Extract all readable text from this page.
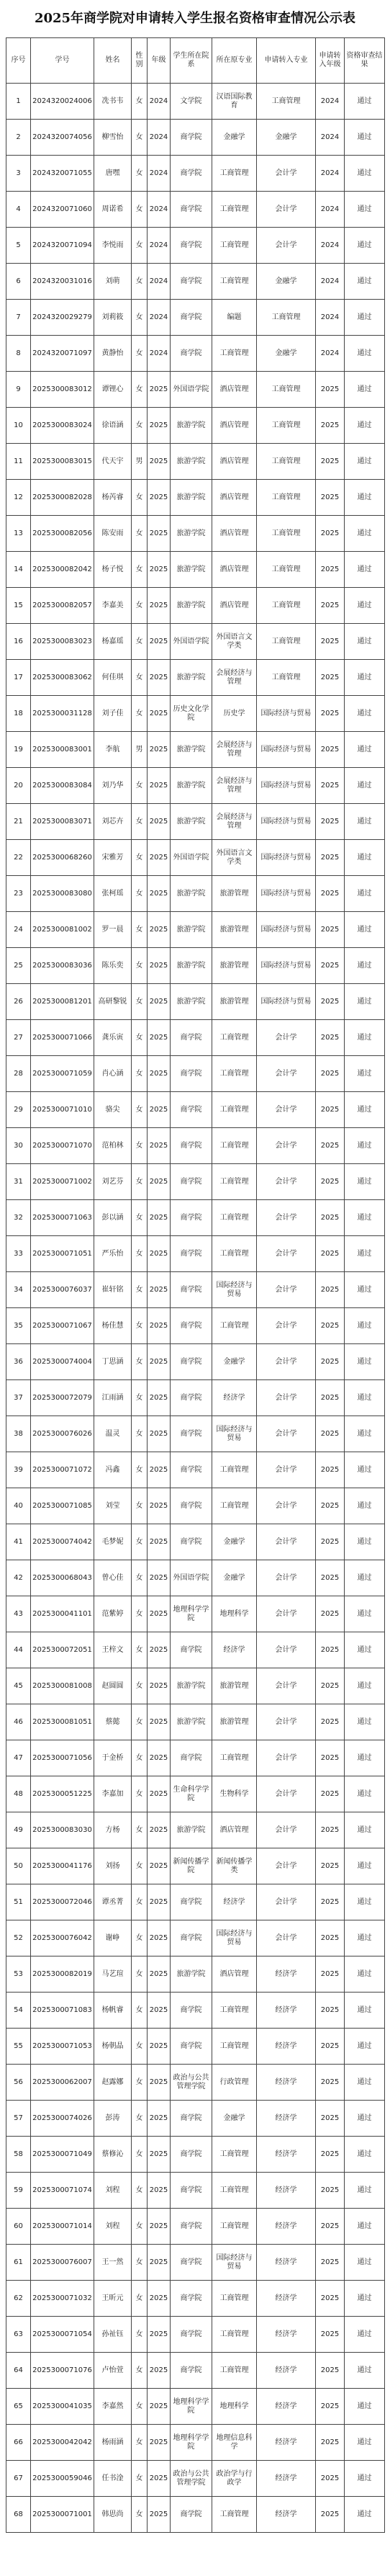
2025年商学院对申请转入学生报名资格审查情况公示表
序号	学号	姓名	性别	年级	学生所在院系	所在原专业	申请转入专业	申请转入年级	资格审查结果
1	2024320024006	冼书韦	女	2024	文学院	汉语国际教育	工商管理	2024	通过
2	2024320074056	柳雪怡	女	2024	商学院	金融学	金融学	2024	通过
3	2024320071055	唐嘿	女	2024	商学院	工商管理	会计学	2024	通过
4	2024320071060	周诺希	女	2024	商学院	工商管理	会计学	2024	通过
5	2024320071094	李悦雨	女	2024	商学院	工商管理	会计学	2024	通过
6	2024320031016	刘萌	女	2024	商学院	工商管理	金融学	2024	通过
7	2024320029279	刘莉筱	女	2024	商学院	编题	工商管理	2024	通过
8	2024320071097	黄静怡	女	2024	商学院	工商管理	金融学	2024	通过
9	2025300083012	谭锂心	女	2025	外国语学院	酒店管理	工商管理	2025	通过
10	2025300083024	徐语涵	女	2025	旅游学院	酒店管理	工商管理	2025	通过
11	2025300083015	代天宇	男	2025	旅游学院	酒店管理	工商管理	2025	通过
12	2025300082028	杨芮睿	女	2025	旅游学院	酒店管理	工商管理	2025	通过
13	2025300082056	陈安雨	女	2025	旅游学院	酒店管理	工商管理	2025	通过
14	2025300082042	杨子悦	女	2025	旅游学院	酒店管理	工商管理	2025	通过
15	2025300082057	李嘉美	女	2025	旅游学院	酒店管理	工商管理	2025	通过
16	2025300083023	杨嘉瑶	女	2025	外国语学院	外国语言文学类	工商管理	2025	通过
17	2025300083062	何佳琪	女	2025	旅游学院	会展经济与管理	工商管理	2025	通过
18	2025300031128	刘子佳	女	2025	历史文化学院	历史学	国际经济与贸易	2025	通过
19	2025300083001	李航	男	2025	旅游学院	会展经济与管理	国际经济与贸易	2025	通过
20	2025300083084	刘乃华	女	2025	旅游学院	会展经济与管理	国际经济与贸易	2025	通过
21	2025300083071	刘芯卉	女	2025	旅游学院	会展经济与管理	国际经济与贸易	2025	通过
22	2025300068260	宋雅芳	女	2025	外国语学院	外国语言文学类	国际经济与贸易	2025	通过
23	2025300083080	张柯瑶	女	2025	旅游学院	旅游管理	国际经济与贸易	2025	通过
24	2025300081002	罗一晨	女	2025	旅游学院	旅游管理	国际经济与贸易	2025	通过
25	2025300083036	陈乐奕	女	2025	旅游学院	旅游管理	国际经济与贸易	2025	通过
26	2025300081201	高研黎锐	女	2025	旅游学院	旅游管理	国际经济与贸易	2025	通过
27	2025300071066	龚乐寅	女	2025	商学院	工商管理	会计学	2025	通过
28	2025300071059	肖心涵	女	2025	商学院	工商管理	会计学	2025	通过
29	2025300071010	骆尖	女	2025	商学院	工商管理	会计学	2025	通过
30	2025300071070	范柏林	女	2025	商学院	工商管理	会计学	2025	通过
31	2025300071002	刘艺芬	女	2025	商学院	工商管理	会计学	2025	通过
32	2025300071063	彭以涵	女	2025	商学院	工商管理	会计学	2025	通过
33	2025300071051	严乐怡	女	2025	商学院	工商管理	会计学	2025	通过
34	2025300076037	崔轩铭	女	2025	商学院	国际经济与贸易	会计学	2025	通过
35	2025300071067	杨佳慧	女	2025	商学院	工商管理	会计学	2025	通过
36	2025300074004	丁思涵	女	2025	商学院	金融学	会计学	2025	通过
37	2025300072079	江雨涵	女	2025	商学院	经济学	会计学	2025	通过
38	2025300076026	温灵	女	2025	商学院	国际经济与贸易	会计学	2025	通过
39	2025300071072	冯鑫	女	2025	商学院	工商管理	会计学	2025	通过
40	2025300071085	刘莹	女	2025	商学院	工商管理	会计学	2025	通过
41	2025300074042	毛梦妮	女	2025	商学院	金融学	会计学	2025	通过
42	2025300068043	曾心佳	女	2025	外国语学院	金融学	会计学	2025	通过
43	2025300041101	范紫婷	女	2025	地理科学学院	地理科学	会计学	2025	通过
44	2025300072051	王梓文	女	2025	商学院	经济学	会计学	2025	通过
45	2025300081008	赵圆圆	女	2025	旅游学院	旅游管理	会计学	2025	通过
46	2025300081051	蔡懿	女	2025	旅游学院	旅游管理	会计学	2025	通过
47	2025300071056	于金桥	女	2025	商学院	工商管理	会计学	2025	通过
48	2025300051225	李嘉加	女	2025	生命科学学院	生物科学	会计学	2025	通过
49	2025300083030	方杨	女	2025	旅游学院	酒店管理	会计学	2025	通过
50	2025300041176	刘扬	女	2025	新闻传播学院	新闻传播学类	会计学	2025	通过
51	2025300072046	谭丞菁	女	2025	商学院	经济学	会计学	2025	通过
52	2025300076042	谢峥	女	2025	商学院	国际经济与贸易	会计学	2025	通过
53	2025300082019	马艺瑄	女	2025	旅游学院	酒店管理	经济学	2025	通过
54	2025300071083	杨帆睿	女	2025	商学院	工商管理	经济学	2025	通过
55	2025300071053	杨朝晶	女	2025	商学院	工商管理	经济学	2025	通过
56	2025300062007	赵露娜	女	2025	政治与公共管理学院	行政管理	经济学	2025	通过
57	2025300074026	彭涛	女	2025	商学院	金融学	经济学	2025	通过
58	2025300071049	蔡修沁	女	2025	商学院	工商管理	经济学	2025	通过
59	2025300071074	刘程	女	2025	商学院	工商管理	经济学	2025	通过
60	2025300071014	刘程	女	2025	商学院	工商管理	经济学	2025	通过
61	2025300076007	王一然	女	2025	商学院	国际经济与贸易	经济学	2025	通过
62	2025300071032	王昕元	女	2025	商学院	工商管理	经济学	2025	通过
63	2025300071054	孙祉钰	女	2025	商学院	工商管理	经济学	2025	通过
64	2025300071076	卢怡萱	女	2025	商学院	工商管理	经济学	2025	通过
65	2025300041035	李嘉然	女	2025	地理科学学院	地理科学	经济学	2025	通过
66	2025300042042	杨雨涵	女	2025	地理科学学院	地理信息科学	经济学	2025	通过
67	2025300059046	任书淦	女	2025	政治与公共管理学院	政治学与行政学	经济学	2025	通过
68	2025300071001	韩思尚	女	2025	商学院	工商管理	经济学	2025	通过
